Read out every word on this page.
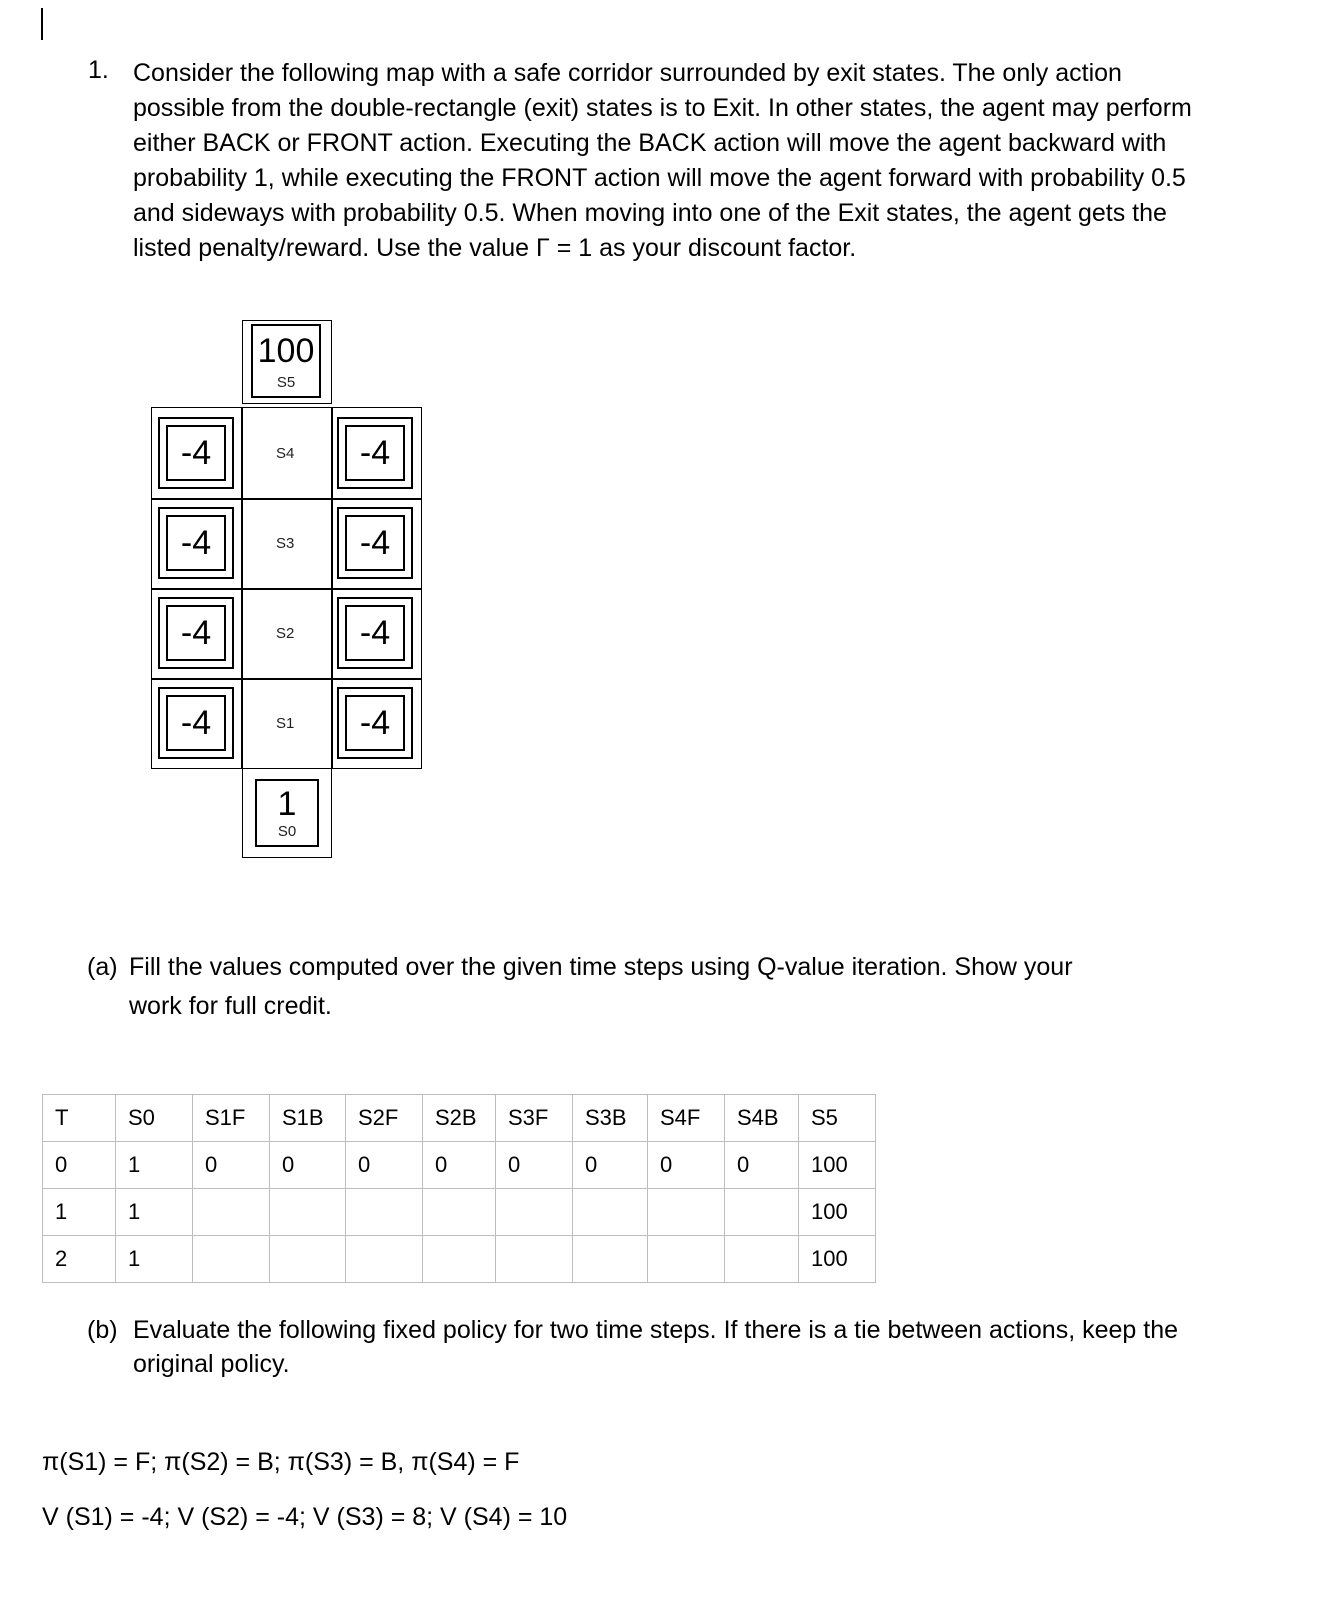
1. Consider the following map with a safe corridor surrounded by exit states. The only action

possible from the double-rectangle (exit) states is to Exit. In other states, the agent may perform

either BACK or FRONT action. Executing the BACK action will move the agent backward with

probability 1, while executing the FRONT action will move the agent forward with probability 0.5

and sideways with probability 0.5. When moving into one of the Exit states, the agent gets the

listed penalty/reward. Use the value Γ = 1 as your discount factor.

100
S5
-4	S4 -4
-4	S3 -4
-4	S2 -4
-4	S1 -4
1
S0
(a) Fill the values computed over the given time steps using Q-value iteration. Show your
work for full credit.
T	S0	S1F	S1B	S2F	S2B	S3F	S3B	S4F	S4B	S5
0	1	0	0	0	0	0	0	0	0	100
1	1									100
2	1									100
(b) Evaluate the following fixed policy for two time steps. If there is a tie between actions, keep the
original policy.
π(S1) = F; π(S2) = B; π(S3) = B, π(S4) = F
V (S1) = -4; V (S2) = -4; V (S3) = 8; V (S4) = 10
